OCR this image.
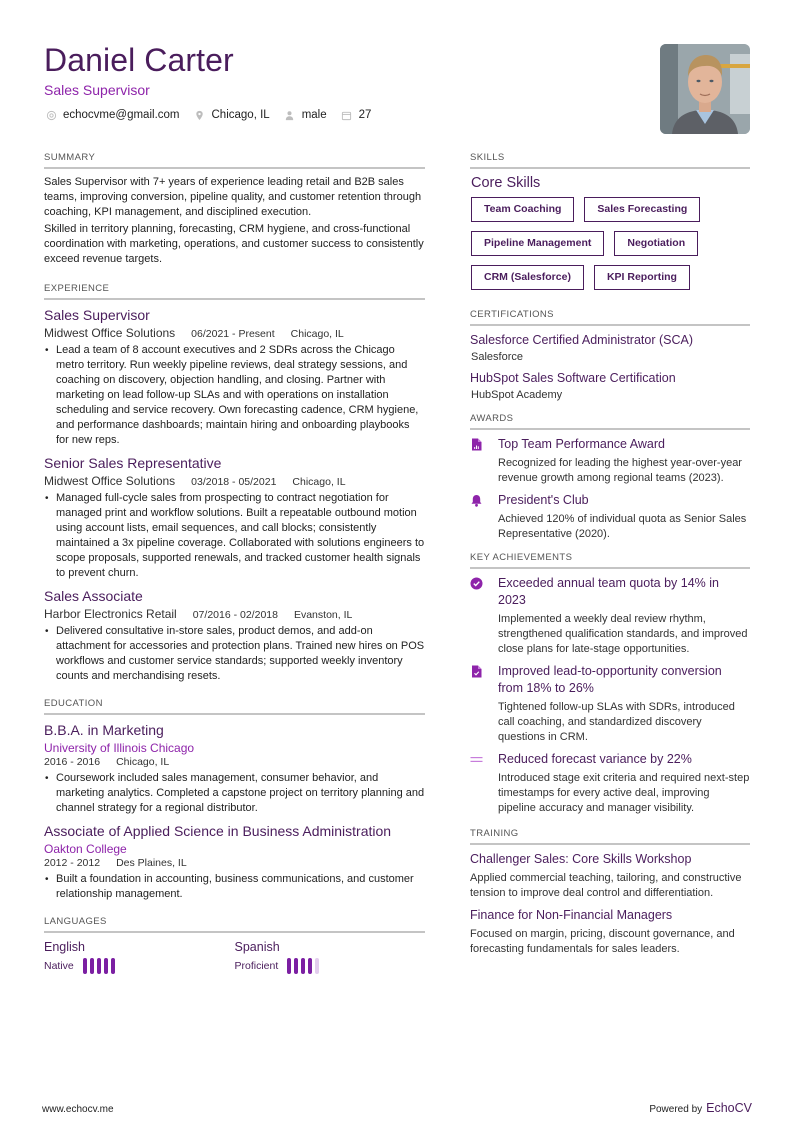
Daniel Carter
Sales Supervisor
echocvme@gmail.com	Chicago, IL	male	27
SUMMARY

Sales Supervisor with 7+ years of experience leading retail and B2B sales teams, improving conversion, pipeline quality, and customer retention through coaching, KPI management, and disciplined execution.

Skilled in territory planning, forecasting, CRM hygiene, and cross-functional coordination with marketing, operations, and customer success to consistently exceed revenue targets.

EXPERIENCE
Sales Supervisor
Midwest Office Solutions 06/2021 - Present Chicago, IL
• Lead a team of 8 account executives and 2 SDRs across the Chicago metro territory. Run weekly pipeline reviews, deal strategy sessions, and coaching on discovery, objection handling, and closing. Partner with marketing on lead follow-up SLAs and with operations on installation scheduling and service recovery. Own forecasting cadence, CRM hygiene, and performance dashboards; maintain hiring and onboarding playbooks for new reps.
Senior Sales Representative
Midwest Office Solutions 03/2018 - 05/2021 Chicago, IL
• Managed full-cycle sales from prospecting to contract negotiation for managed print and workflow solutions. Built a repeatable outbound motion using account lists, email sequences, and call blocks; consistently maintained a 3x pipeline coverage. Collaborated with solutions engineers to scope proposals, supported renewals, and tracked customer health signals to prevent churn.
Sales Associate
Harbor Electronics Retail 07/2016 - 02/2018 Evanston, IL
• Delivered consultative in-store sales, product demos, and add-on attachment for accessories and protection plans. Trained new hires on POS workflows and customer service standards; supported weekly inventory counts and merchandising resets.
EDUCATION
B.B.A. in Marketing
University of Illinois Chicago
2016 - 2016 Chicago, IL
• Coursework included sales management, consumer behavior, and marketing analytics. Completed a capstone project on territory planning and channel strategy for a regional distributor.
Associate of Applied Science in Business Administration
Oakton College
2012 - 2012 Des Plaines, IL
• Built a foundation in accounting, business communications, and customer relationship management.
LANGUAGES
English
Native
Spanish
Proficient
SKILLS
Core Skills
Team Coaching	Sales Forecasting
Pipeline Management	Negotiation
CRM (Salesforce)	KPI Reporting
CERTIFICATIONS
Salesforce Certified Administrator (SCA)
Salesforce
HubSpot Sales Software Certification
HubSpot Academy
AWARDS
Top Team Performance Award
Recognized for leading the highest year-over-year revenue growth among regional teams (2023).
President's Club
Achieved 120% of individual quota as Senior Sales Representative (2020).
KEY ACHIEVEMENTS
Exceeded annual team quota by 14% in 2023
Implemented a weekly deal review rhythm, strengthened qualification standards, and improved close plans for late-stage opportunities.
Improved lead-to-opportunity conversion from 18% to 26%
Tightened follow-up SLAs with SDRs, introduced call coaching, and standardized discovery questions in CRM.
Reduced forecast variance by 22%
Introduced stage exit criteria and required next-step timestamps for every active deal, improving pipeline accuracy and manager visibility.
TRAINING
Challenger Sales: Core Skills Workshop
Applied commercial teaching, tailoring, and constructive tension to improve deal control and differentiation.
Finance for Non-Financial Managers
Focused on margin, pricing, discount governance, and forecasting fundamentals for sales leaders.
www.echocv.me	Powered by EchoCV
